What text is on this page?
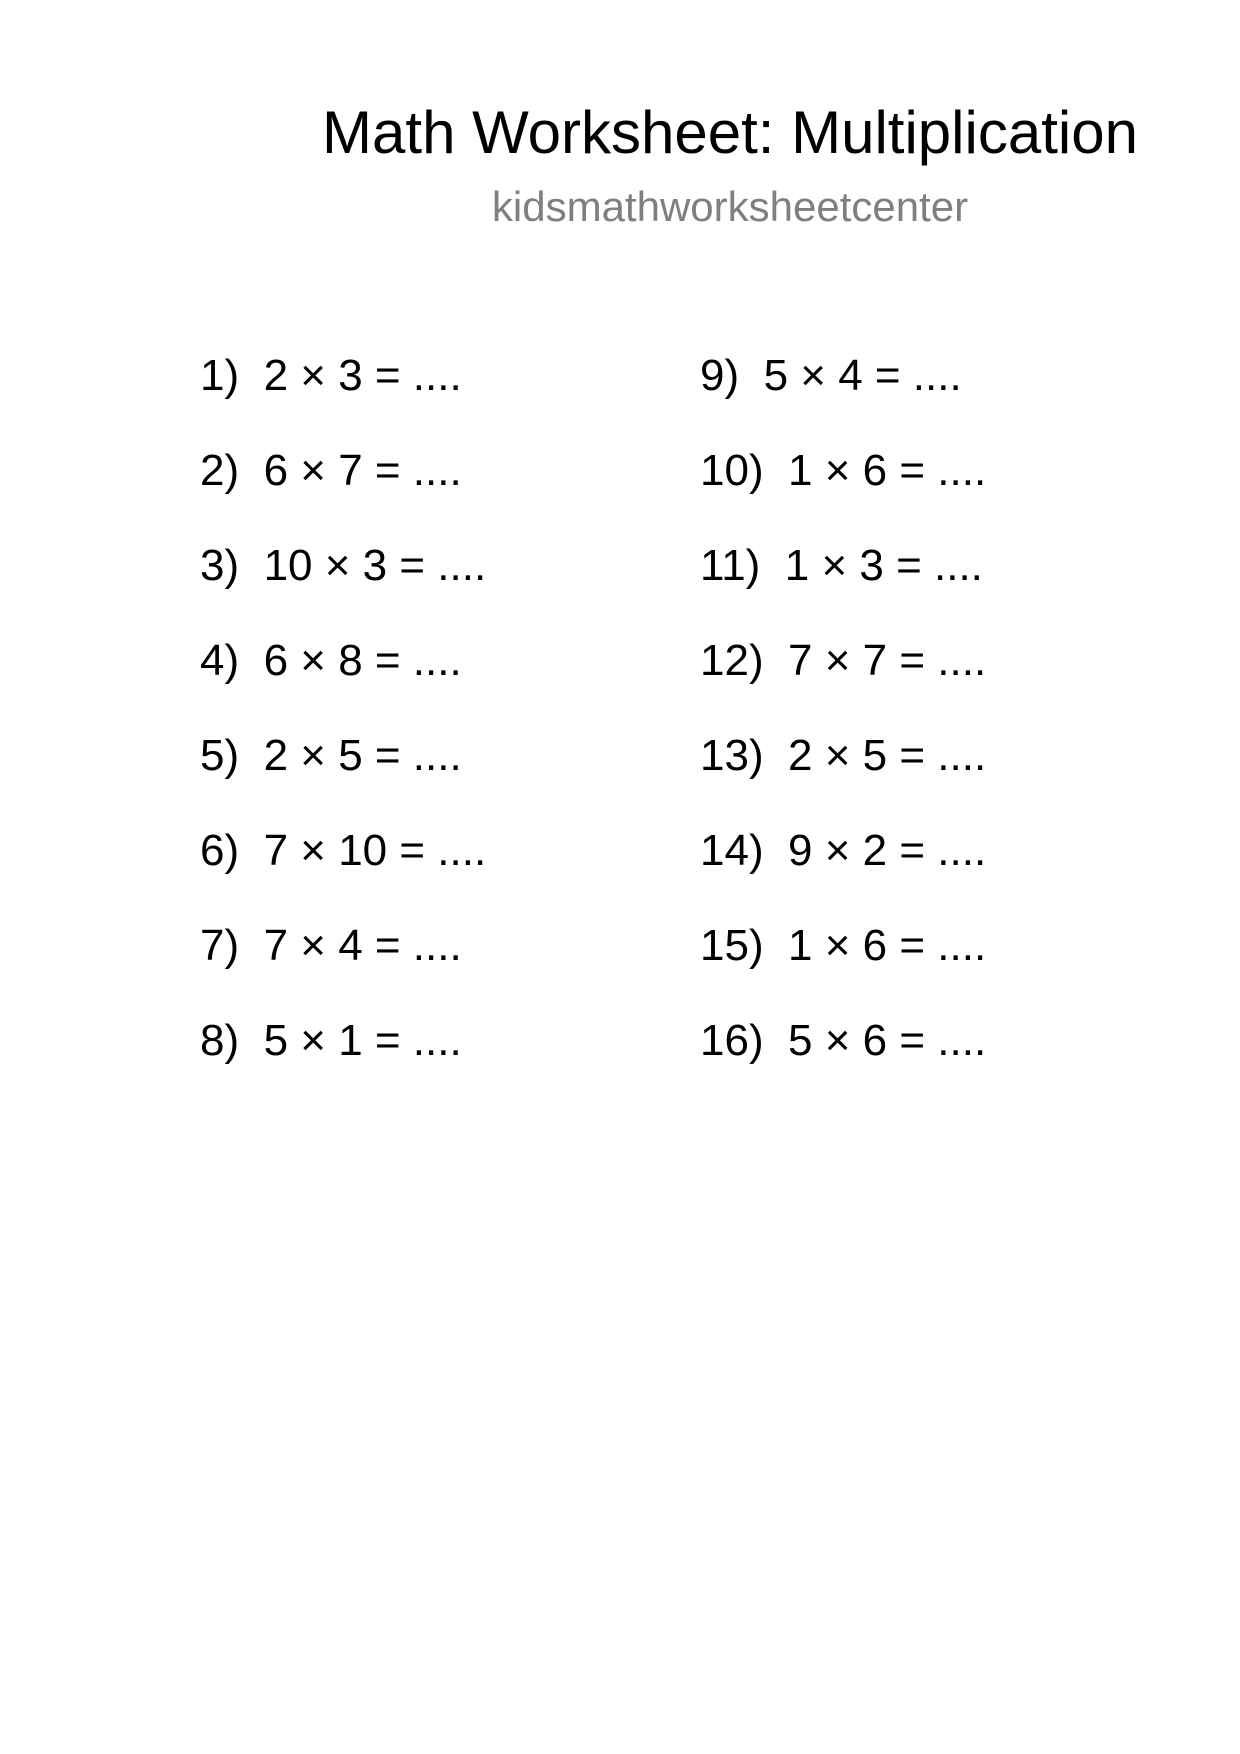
Math Worksheet: Multiplication
kidsmathworksheetcenter
1) 2 × 3 = ....
2) 6 × 7 = ....
3) 10 × 3 = ....
4) 6 × 8 = ....
5) 2 × 5 = ....
6) 7 × 10 = ....
7) 7 × 4 = ....
8) 5 × 1 = ....
9) 5 × 4 = ....
10) 1 × 6 = ....
11) 1 × 3 = ....
12) 7 × 7 = ....
13) 2 × 5 = ....
14) 9 × 2 = ....
15) 1 × 6 = ....
16) 5 × 6 = ....
